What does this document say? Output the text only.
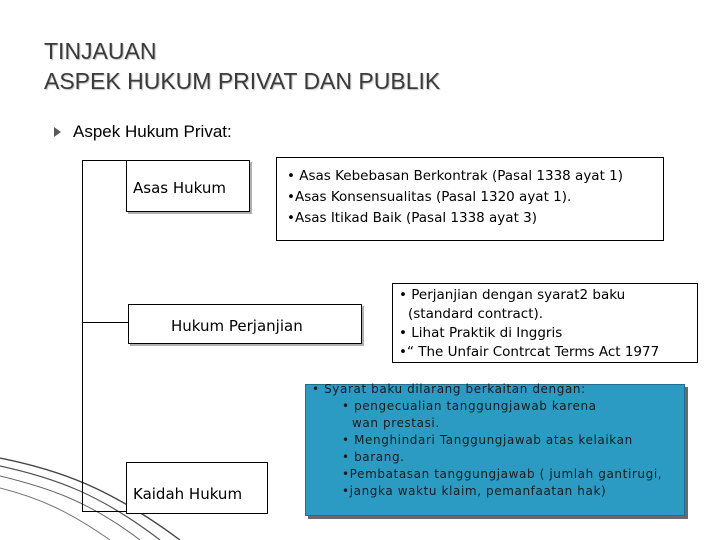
TINJAUAN
ASPEK HUKUM PRIVAT DAN PUBLIK
Aspek Hukum Privat:
Asas Hukum
• Asas Kebebasan Berkontrak (Pasal 1338 ayat 1)
•Asas Konsensualitas (Pasal 1320 ayat 1).
•Asas Itikad Baik (Pasal 1338 ayat 3)
Hukum Perjanjian
• Perjanjian dengan syarat2 baku
(standard contract).
• Lihat Praktik di Inggris
•“ The Unfair Contrcat Terms Act 1977
Kaidah Hukum
• Syarat baku dilarang berkaitan dengan:
• pengecualian tanggungjawab karena
wan prestasi.
• Menghindari Tanggungjawab atas kelaikan
• barang.
•Pembatasan tanggungjawab ( jumlah gantirugi,
•jangka waktu klaim, pemanfaatan hak)
